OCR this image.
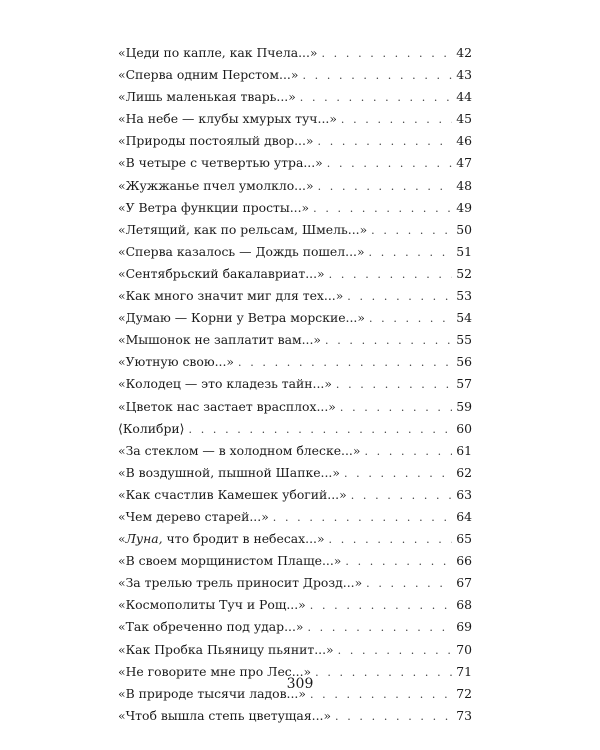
«Цеди по капле, как Пчела...» . . .	42
«Сперва одним Перстом...» . . .	43
«Лишь маленькая тварь...» . . .	44
«На небе — клубы хмурых туч...» . . .	45
«Природы постоялый двор...» . . .	46
«В четыре с четвертью утра...» . . .	47
«Жужжанье пчел умолкло...» . . .	48
«У Ветра функции просты...» . . .	49
«Летящий, как по рельсам, Шмель...» . . .	50
«Сперва казалось — Дождь пошел...» . . .	51
«Сентябрьский бакалавриат...» . . .	52
«Как много значит миг для тех...» . . .	53
«Думаю — Корни у Ветра морские...» . . .	54
«Мышонок не заплатит вам...» . . .	55
«Уютную свою...» . . .	56
«Колодец — это кладезь тайн...» . . .	57
«Цветок нас застает врасплох...» . . .	59
⟨Колибри⟩ . . .	60
«За стеклом — в холодном блеске...» . . .	61
«В воздушной, пышной Шапке...» . . .	62
«Как счастлив Камешек убогий...» . . .	63
«Чем дерево старей...» . . .	64
«Луна, что бродит в небесах...» . . .	65
«В своем морщинистом Плаще...» . . .	66
«За трелью трель приносит Дрозд...» . . .	67
«Космополиты Туч и Рощ...» . . .	68
«Так обреченно под удар...» . . .	69
«Как Пробка Пьяницу пьянит...» . . .	70
«Не говорите мне про Лес...» . . .	71
«В природе тысячи ладов...» . . .	72
«Чтоб вышла степь цветущая...» . . .	73
309
